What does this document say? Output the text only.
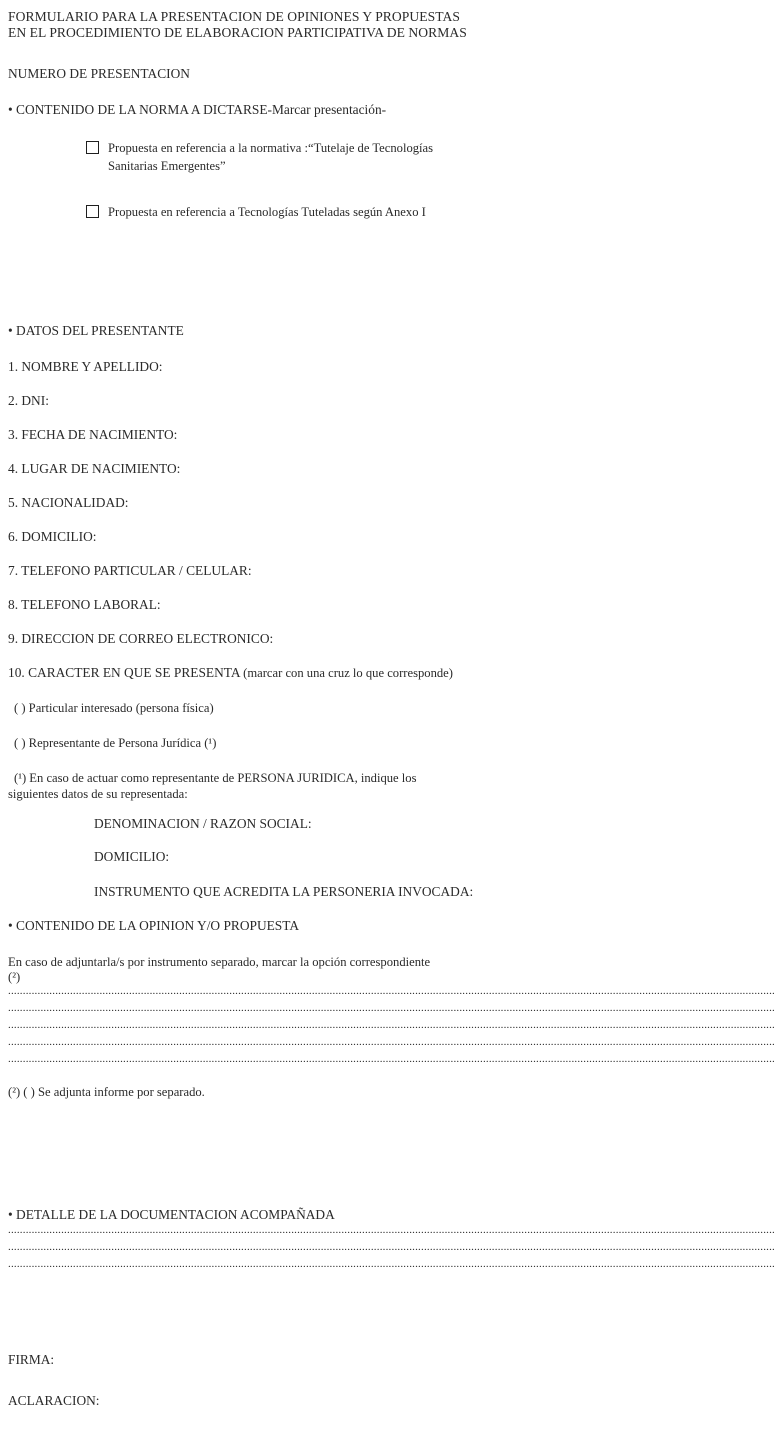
FORMULARIO PARA LA PRESENTACION DE OPINIONES Y PROPUESTAS
EN EL PROCEDIMIENTO DE ELABORACION PARTICIPATIVA DE NORMAS
NUMERO DE PRESENTACION
• CONTENIDO DE LA NORMA A DICTARSE-Marcar presentación-
Propuesta en referencia a la normativa :“Tutelaje de Tecnologías
Sanitarias Emergentes”
Propuesta en referencia a Tecnologías Tuteladas según Anexo I
• DATOS DEL PRESENTANTE
1. NOMBRE Y APELLIDO:
2. DNI:
3. FECHA DE NACIMIENTO:
4. LUGAR DE NACIMIENTO:
5. NACIONALIDAD:
6. DOMICILIO:
7. TELEFONO PARTICULAR / CELULAR:
8. TELEFONO LABORAL:
9. DIRECCION DE CORREO ELECTRONICO:
10. CARACTER EN QUE SE PRESENTA (marcar con una cruz lo que corresponde)
( ) Particular interesado (persona física)
( ) Representante de Persona Jurídica (¹)
(¹) En caso de actuar como representante de PERSONA JURIDICA, indique los
siguientes datos de su representada:
DENOMINACION / RAZON SOCIAL:
DOMICILIO:
INSTRUMENTO QUE ACREDITA LA PERSONERIA INVOCADA:
• CONTENIDO DE LA OPINION Y/O PROPUESTA
En caso de adjuntarla/s por instrumento separado, marcar la opción correspondiente
(²)
....................................................................................................................................................................................................................................................................
....................................................................................................................................................................................................................................................................
....................................................................................................................................................................................................................................................................
....................................................................................................................................................................................................................................................................
....................................................................................................................................................................................................................................................................
(²) ( ) Se adjunta informe por separado.
• DETALLE DE LA DOCUMENTACION ACOMPAÑADA
....................................................................................................................................................................................................................................................................
....................................................................................................................................................................................................................................................................
....................................................................................................................................................................................................................................................................
FIRMA:
ACLARACION:
